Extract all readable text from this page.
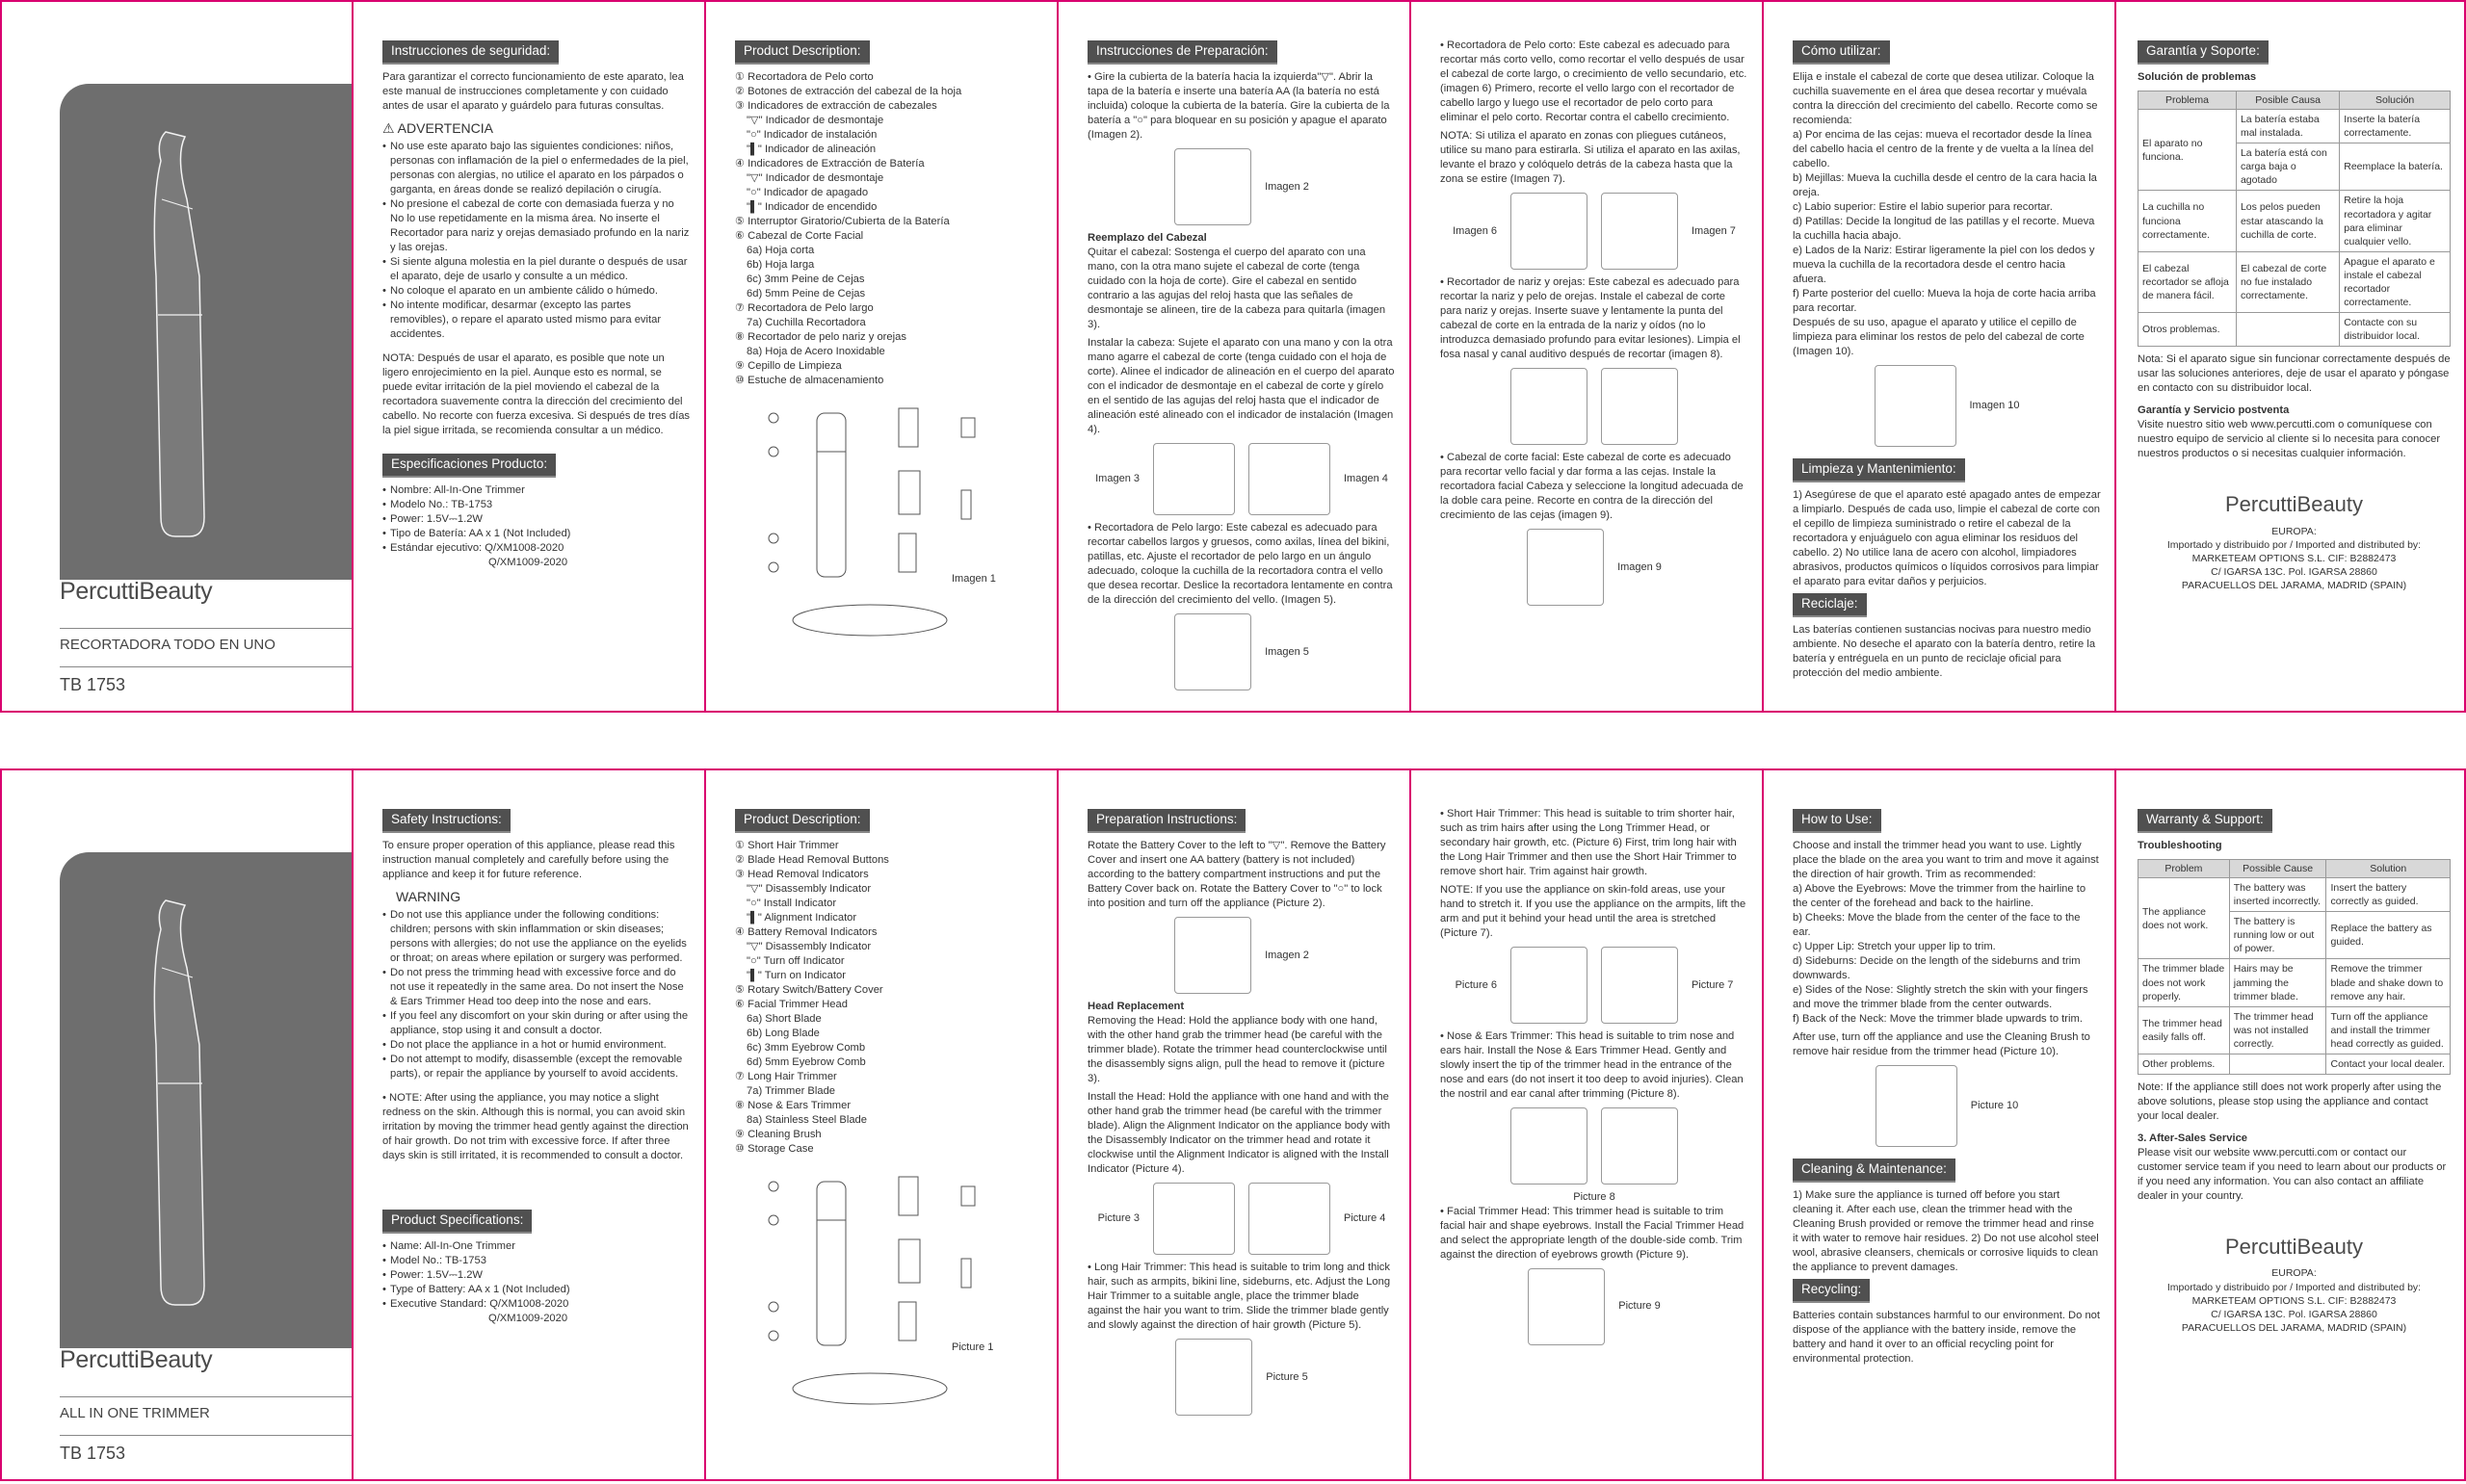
PercuttiBeauty
RECORTADORA TODO EN UNO
TB 1753
Instrucciones de seguridad:
Para garantizar el correcto funcionamiento de este aparato, lea este manual de instrucciones completamente y con cuidado antes de usar el aparato y guárdelo para futuras consultas.
⚠ ADVERTENCIA
• No use este aparato bajo las siguientes condiciones: niños, personas con inflamación de la piel o enfermedades de la piel, personas con alergias, no utilice el aparato en los párpados o garganta, en áreas donde se realizó depilación o cirugía.
• No presione el cabezal de corte con demasiada fuerza y no No lo use repetidamente en la misma área. No inserte el Recortador para nariz y orejas demasiado profundo en la nariz y las orejas.
• Si siente alguna molestia en la piel durante o después de usar el aparato, deje de usarlo y consulte a un médico.
• No coloque el aparato en un ambiente cálido o húmedo.
• No intente modificar, desarmar (excepto las partes removibles), o repare el aparato usted mismo para evitar accidentes.
NOTA: Después de usar el aparato, es posible que note un ligero enrojecimiento en la piel. Aunque esto es normal, se puede evitar irritación de la piel moviendo el cabezal de la recortadora suavemente contra la dirección del crecimiento del cabello. No recorte con fuerza excesiva. Si después de tres días la piel sigue irritada, se recomienda consultar a un médico.
Especificaciones Producto:
• Nombre: All-In-One Trimmer
• Modelo No.: TB-1753
• Power: 1.5V⎓1.2W
• Tipo de Batería: AA x 1 (Not Included)
• Estándar ejecutivo: Q/XM1008-2020
Q/XM1009-2020
Product Description:
① Recortadora de Pelo corto
② Botones de extracción del cabezal de la hoja
③ Indicadores de extracción de cabezales
"▽" Indicador de desmontaje
"○" Indicador de instalación
"▌" Indicador de alineación
④ Indicadores de Extracción de Batería
"▽" Indicador de desmontaje
"○" Indicador de apagado
"▌" Indicador de encendido
⑤ Interruptor Giratorio/Cubierta de la Batería
⑥ Cabezal de Corte Facial
6a) Hoja corta
6b) Hoja larga
6c) 3mm Peine de Cejas
6d) 5mm Peine de Cejas
⑦ Recortadora de Pelo largo
7a) Cuchilla Recortadora
⑧ Recortador de pelo nariz y orejas
8a) Hoja de Acero Inoxidable
⑨ Cepillo de Limpieza
⑩ Estuche de almacenamiento
Imagen 1
Instrucciones de Preparación:
• Gire la cubierta de la batería hacia la izquierda"▽". Abrir la tapa de la batería e inserte una batería AA (la batería no está incluida) coloque la cubierta de la batería. Gire la cubierta de la batería a "○" para bloquear en su posición y apague el aparato (Imagen 2).
Imagen 2
Reemplazo del Cabezal
Quitar el cabezal: Sostenga el cuerpo del aparato con una mano, con la otra mano sujete el cabezal de corte (tenga cuidado con la hoja de corte). Gire el cabezal en sentido contrario a las agujas del reloj hasta que las señales de desmontaje se alineen, tire de la cabeza para quitarla (imagen 3).
Instalar la cabeza: Sujete el aparato con una mano y con la otra mano agarre el cabezal de corte (tenga cuidado con el hoja de corte). Alinee el indicador de alineación en el cuerpo del aparato con el indicador de desmontaje en el cabezal de corte y gírelo en el sentido de las agujas del reloj hasta que el indicador de alineación esté alineado con el indicador de instalación (Imagen 4).
Imagen 3	Imagen 4
• Recortadora de Pelo largo: Este cabezal es adecuado para recortar cabellos largos y gruesos, como axilas, línea del bikini, patillas, etc. Ajuste el recortador de pelo largo en un ángulo adecuado, coloque la cuchilla de la recortadora contra el vello que desea recortar. Deslice la recortadora lentamente en contra de la dirección del crecimiento del vello. (Imagen 5).
Imagen 5
• Recortadora de Pelo corto: Este cabezal es adecuado para recortar más corto vello, como recortar el vello después de usar el cabezal de corte largo, o crecimiento de vello secundario, etc. (imagen 6) Primero, recorte el vello largo con el recortador de cabello largo y luego use el recortador de pelo corto para eliminar el pelo corto. Recortar contra el cabello crecimiento.
NOTA: Si utiliza el aparato en zonas con pliegues cutáneos, utilice su mano para estirarla. Si utiliza el aparato en las axilas, levante el brazo y colóquelo detrás de la cabeza hasta que la zona se estire (Imagen 7).
Imagen 6	Imagen 7
• Recortador de nariz y orejas: Este cabezal es adecuado para recortar la nariz y pelo de orejas. Instale el cabezal de corte para nariz y orejas. Inserte suave y lentamente la punta del cabezal de corte en la entrada de la nariz y oídos (no lo introduzca demasiado profundo para evitar lesiones). Limpia el fosa nasal y canal auditivo después de recortar (imagen 8).
• Cabezal de corte facial: Este cabezal de corte es adecuado para recortar vello facial y dar forma a las cejas. Instale la recortadora facial Cabeza y seleccione la longitud adecuada de la doble cara peine. Recorte en contra de la dirección del crecimiento de las cejas (imagen 9).
Imagen 9
Cómo utilizar:
Elija e instale el cabezal de corte que desea utilizar. Coloque la cuchilla suavemente en el área que desea recortar y muévala contra la dirección del crecimiento del cabello. Recorte como se recomienda:
a) Por encima de las cejas: mueva el recortador desde la línea del cabello hacia el centro de la frente y de vuelta a la línea del cabello.
b) Mejillas: Mueva la cuchilla desde el centro de la cara hacia la oreja.
c) Labio superior: Estire el labio superior para recortar.
d) Patillas: Decide la longitud de las patillas y el recorte. Mueva la cuchilla hacia abajo.
e) Lados de la Nariz: Estirar ligeramente la piel con los dedos y mueva la cuchilla de la recortadora desde el centro hacia afuera.
f) Parte posterior del cuello: Mueva la hoja de corte hacia arriba para recortar.
Después de su uso, apague el aparato y utilice el cepillo de limpieza para eliminar los restos de pelo del cabezal de corte (Imagen 10).
Imagen 10
Limpieza y Mantenimiento:
1) Asegúrese de que el aparato esté apagado antes de empezar a limpiarlo. Después de cada uso, limpie el cabezal de corte con el cepillo de limpieza suministrado o retire el cabezal de la recortadora y enjuáguelo con agua eliminar los residuos del cabello. 2) No utilice lana de acero con alcohol, limpiadores abrasivos, productos químicos o líquidos corrosivos para limpiar el aparato para evitar daños y perjuicios.
Reciclaje:
Las baterías contienen sustancias nocivas para nuestro medio ambiente. No deseche el aparato con la batería dentro, retire la batería y entréguela en un punto de reciclaje oficial para protección del medio ambiente.
Garantía y Soporte:
Solución de problemas
Problema	Posible Causa	Solución
El aparato no funciona.	La batería estaba mal instalada.	Inserte la batería correctamente.
	La batería está con carga baja o agotado	Reemplace la batería.
La cuchilla no funciona correctamente.	Los pelos pueden estar atascando la cuchilla de corte.	Retire la hoja recortadora y agitar para eliminar cualquier vello.
El cabezal recortador se afloja de manera fácil.	El cabezal de corte no fue instalado correctamente.	Apague el aparato e instale el cabezal recortador correctamente.
Otros problemas.		Contacte con su distribuidor local.
Nota: Si el aparato sigue sin funcionar correctamente después de usar las soluciones anteriores, deje de usar el aparato y póngase en contacto con su distribuidor local.
Garantía y Servicio postventa
Visite nuestro sitio web www.percutti.com o comuníquese con nuestro equipo de servicio al cliente si lo necesita para conocer nuestros productos o si necesitas cualquier información.
PercuttiBeauty
EUROPA:
Importado y distribuido por / Imported and distributed by:
MARKETEAM OPTIONS S.L. CIF: B2882473
C/ IGARSA 13C. Pol. IGARSA 28860
PARACUELLOS DEL JARAMA, MADRID (SPAIN)
PercuttiBeauty
ALL IN ONE TRIMMER
TB 1753
Safety Instructions:
To ensure proper operation of this appliance, please read this instruction manual completely and carefully before using the appliance and keep it for future reference.
WARNING
• Do not use this appliance under the following conditions: children; persons with skin inflammation or skin diseases; persons with allergies; do not use the appliance on the eyelids or throat; on areas where epilation or surgery was performed.
• Do not press the trimming head with excessive force and do not use it repeatedly in the same area. Do not insert the Nose & Ears Trimmer Head too deep into the nose and ears.
• If you feel any discomfort on your skin during or after using the appliance, stop using it and consult a doctor.
• Do not place the appliance in a hot or humid environment.
• Do not attempt to modify, disassemble (except the removable parts), or repair the appliance by yourself to avoid accidents.
• NOTE: After using the appliance, you may notice a slight redness on the skin. Although this is normal, you can avoid skin irritation by moving the trimmer head gently against the direction of hair growth. Do not trim with excessive force. If after three days skin is still irritated, it is recommended to consult a doctor.
Product Specifications:
• Name: All-In-One Trimmer
• Model No.: TB-1753
• Power: 1.5V⎓1.2W
• Type of Battery: AA x 1 (Not Included)
• Executive Standard: Q/XM1008-2020
Q/XM1009-2020
Product Description:
① Short Hair Trimmer
② Blade Head Removal Buttons
③ Head Removal Indicators
"▽" Disassembly Indicator
"○" Install Indicator
"▌" Alignment Indicator
④ Battery Removal Indicators
"▽" Disassembly Indicator
"○" Turn off Indicator
"▌" Turn on Indicator
⑤ Rotary Switch/Battery Cover
⑥ Facial Trimmer Head
6a) Short Blade
6b) Long Blade
6c) 3mm Eyebrow Comb
6d) 5mm Eyebrow Comb
⑦ Long Hair Trimmer
7a) Trimmer Blade
⑧ Nose & Ears Trimmer
8a) Stainless Steel Blade
⑨ Cleaning Brush
⑩ Storage Case
Picture 1
Preparation Instructions:
Rotate the Battery Cover to the left to "▽". Remove the Battery Cover and insert one AA battery (battery is not included) according to the battery compartment instructions and put the Battery Cover back on. Rotate the Battery Cover to "○" to lock into position and turn off the appliance (Picture 2).
Imagen 2
Head Replacement
Removing the Head: Hold the appliance body with one hand, with the other hand grab the trimmer head (be careful with the trimmer blade). Rotate the trimmer head counterclockwise until the disassembly signs align, pull the head to remove it (picture 3).
Install the Head: Hold the appliance with one hand and with the other hand grab the trimmer head (be careful with the trimmer blade). Align the Alignment Indicator on the appliance body with the Disassembly Indicator on the trimmer head and rotate it clockwise until the Alignment Indicator is aligned with the Install Indicator (Picture 4).
Picture 3	Picture 4
• Long Hair Trimmer: This head is suitable to trim long and thick hair, such as armpits, bikini line, sideburns, etc. Adjust the Long Hair Trimmer to a suitable angle, place the trimmer blade against the hair you want to trim. Slide the trimmer blade gently and slowly against the direction of hair growth (Picture 5).
Picture 5
• Short Hair Trimmer: This head is suitable to trim shorter hair, such as trim hairs after using the Long Trimmer Head, or secondary hair growth, etc. (Picture 6) First, trim long hair with the Long Hair Trimmer and then use the Short Hair Trimmer to remove short hair. Trim against hair growth.
NOTE: If you use the appliance on skin-fold areas, use your hand to stretch it. If you use the appliance on the armpits, lift the arm and put it behind your head until the area is stretched (Picture 7).
Picture 6	Picture 7
• Nose & Ears Trimmer: This head is suitable to trim nose and ears hair. Install the Nose & Ears Trimmer Head. Gently and slowly insert the tip of the trimmer head in the entrance of the nose and ears (do not insert it too deep to avoid injuries). Clean the nostril and ear canal after trimming (Picture 8).
Picture 8
• Facial Trimmer Head: This trimmer head is suitable to trim facial hair and shape eyebrows. Install the Facial Trimmer Head and select the appropriate length of the double-side comb. Trim against the direction of eyebrows growth (Picture 9).
Picture 9
How to Use:
Choose and install the trimmer head you want to use. Lightly place the blade on the area you want to trim and move it against the direction of hair growth. Trim as recommended:
a) Above the Eyebrows: Move the trimmer from the hairline to the center of the forehead and back to the hairline.
b) Cheeks: Move the blade from the center of the face to the ear.
c) Upper Lip: Stretch your upper lip to trim.
d) Sideburns: Decide on the length of the sideburns and trim downwards.
e) Sides of the Nose: Slightly stretch the skin with your fingers and move the trimmer blade from the center outwards.
f) Back of the Neck: Move the trimmer blade upwards to trim.
After use, turn off the appliance and use the Cleaning Brush to remove hair residue from the trimmer head (Picture 10).
Picture 10
Cleaning & Maintenance:
1) Make sure the appliance is turned off before you start cleaning it. After each use, clean the trimmer head with the Cleaning Brush provided or remove the trimmer head and rinse it with water to remove hair residues. 2) Do not use alcohol steel wool, abrasive cleansers, chemicals or corrosive liquids to clean the appliance to prevent damages.
Recycling:
Batteries contain substances harmful to our environment. Do not dispose of the appliance with the battery inside, remove the battery and hand it over to an official recycling point for environmental protection.
Warranty & Support:
Troubleshooting
Problem	Possible Cause	Solution
The appliance does not work.	The battery was inserted incorrectly.	Insert the battery correctly as guided.
	The battery is running low or out of power.	Replace the battery as guided.
The trimmer blade does not work properly.	Hairs may be jamming the trimmer blade.	Remove the trimmer blade and shake down to remove any hair.
The trimmer head easily falls off.	The trimmer head was not installed correctly.	Turn off the appliance and install the trimmer head correctly as guided.
Other problems.		Contact your local dealer.
Note: If the appliance still does not work properly after using the above solutions, please stop using the appliance and contact your local dealer.
3. After-Sales Service
Please visit our website www.percutti.com or contact our customer service team if you need to learn about our products or if you need any information. You can also contact an affiliate dealer in your country.
PercuttiBeauty
EUROPA:
Importado y distribuido por / Imported and distributed by:
MARKETEAM OPTIONS S.L. CIF: B2882473
C/ IGARSA 13C. Pol. IGARSA 28860
PARACUELLOS DEL JARAMA, MADRID (SPAIN)
